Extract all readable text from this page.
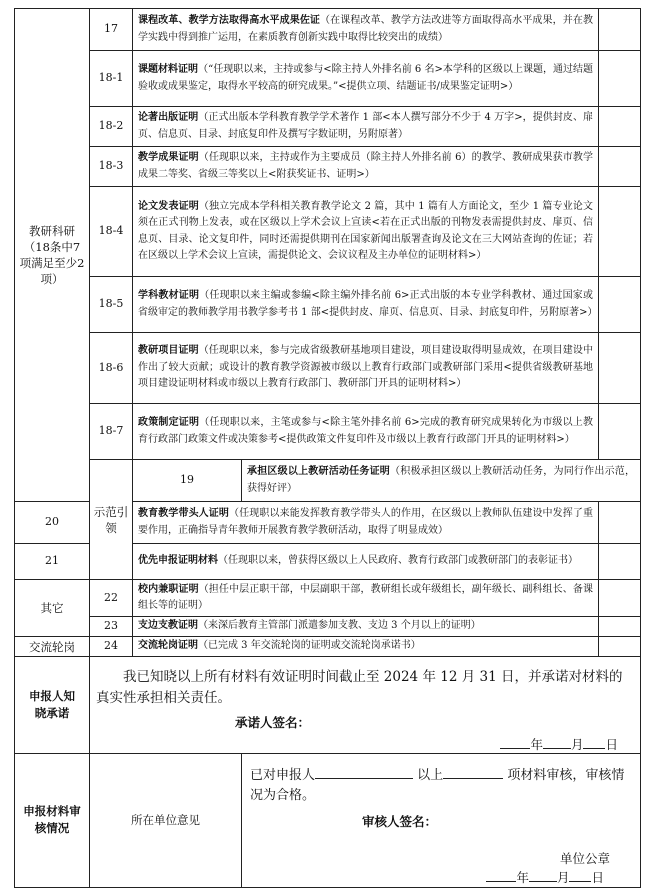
教研科研（18条中7项满足至少2项）	17	课程改革、教学方法取得高水平成果佐证（在课程改革、教学方法改进等方面取得高水平成果，并在教学实践中得到推广运用，在素质教育创新实践中取得比较突出的成绩）			
	18-1	课题材料证明（“任现职以来，主持或参与<除主持人外排名前 6 名>本学科的区级以上课题，通过结题验收或成果鉴定，取得水平较高的研究成果。”<提供立项、结题证书/成果鉴定证明>）			
	18-2	论著出版证明（正式出版本学科教育教学学术著作 1 部<本人撰写部分不少于 4 万字>，提供封皮、扉页、信息页、目录、封底复印件及撰写字数证明，另附原著）			
	18-3	教学成果证明（任现职以来，主持或作为主要成员（除主持人外排名前 6）的教学、教研成果获市教学成果二等奖、省级三等奖以上<附获奖证书、证明>）			
	18-4	论文发表证明（独立完成本学科相关教育教学论文 2 篇，其中 1 篇有人方面论文，至少 1 篇专业论文须在正式刊物上发表，或在区级以上学术会议上宣读<若在正式出版的刊物发表需提供封皮、扉页、信息页、目录、论文复印件，同时还需提供期刊在国家新闻出版署查询及论文在三大网站查询的佐证；若在区级以上学术会议上宣读，需提供论文、会议议程及主办单位的证明材料>）			
	18-5	学科教材证明（任现职以来主编或参编<除主编外排名前 6>正式出版的本专业学科教材、通过国家或省级审定的教师教学用书教学参考书 1 部<提供封皮、扉页、信息页、目录、封底复印件，另附原著>）			
	18-6	教研项目证明（任现职以来，参与完成省级教研基地项目建设，项目建设取得明显成效，在项目建设中作出了较大贡献；或设计的教育教学资源被市级以上教育行政部门或教研部门采用<提供省级教研基地项目建设证明材料或市级以上教育行政部门、教研部门开具的证明材料>）			
	18-7	政策制定证明（任现职以来，主笔或参与<除主笔外排名前 6>完成的教育研究成果转化为市级以上教育行政部门政策文件或决策参考<提供政策文件复印件及市级以上教育行政部门开具的证明材料>）			
	示范引领	19	承担区级以上教研活动任务证明（积极承担区级以上教研活动任务，为同行作出示范，获得好评）		
20		教育教学带头人证明（任现职以来能发挥教育教学带头人的作用，在区级以上教师队伍建设中发挥了重要作用，正确指导青年教师开展教育教学教研活动，取得了明显成效）			
21		优先申报证明材料（任现职以来，曾获得区级以上人民政府、教育行政部门或教研部门的表彰证书）			
其它	22	校内兼职证明（担任中层正职干部，中层副职干部，教研组长或年级组长，副年级长、副科组长、备课组长等的证明）			
	23	支边支教证明（来深后教育主管部门派遣参加支教、支边 3 个月以上的证明）			
交流轮岗	24	交流轮岗证明（已完成 3 年交流轮岗的证明或交流轮岗承诺书）			

申报人知晓承诺	我已知晓以上所有材料有效证明时间截止至 2024 年 12 月 31 日，并承诺对材料的真实性承担相关责任。
承诺人签名：
年 月 日				

申报材料审核情况	所在单位意见		已对申报人 以上 项材料审核，审核情况为合格。
审核人签名：
单位公章
年 月 日		
